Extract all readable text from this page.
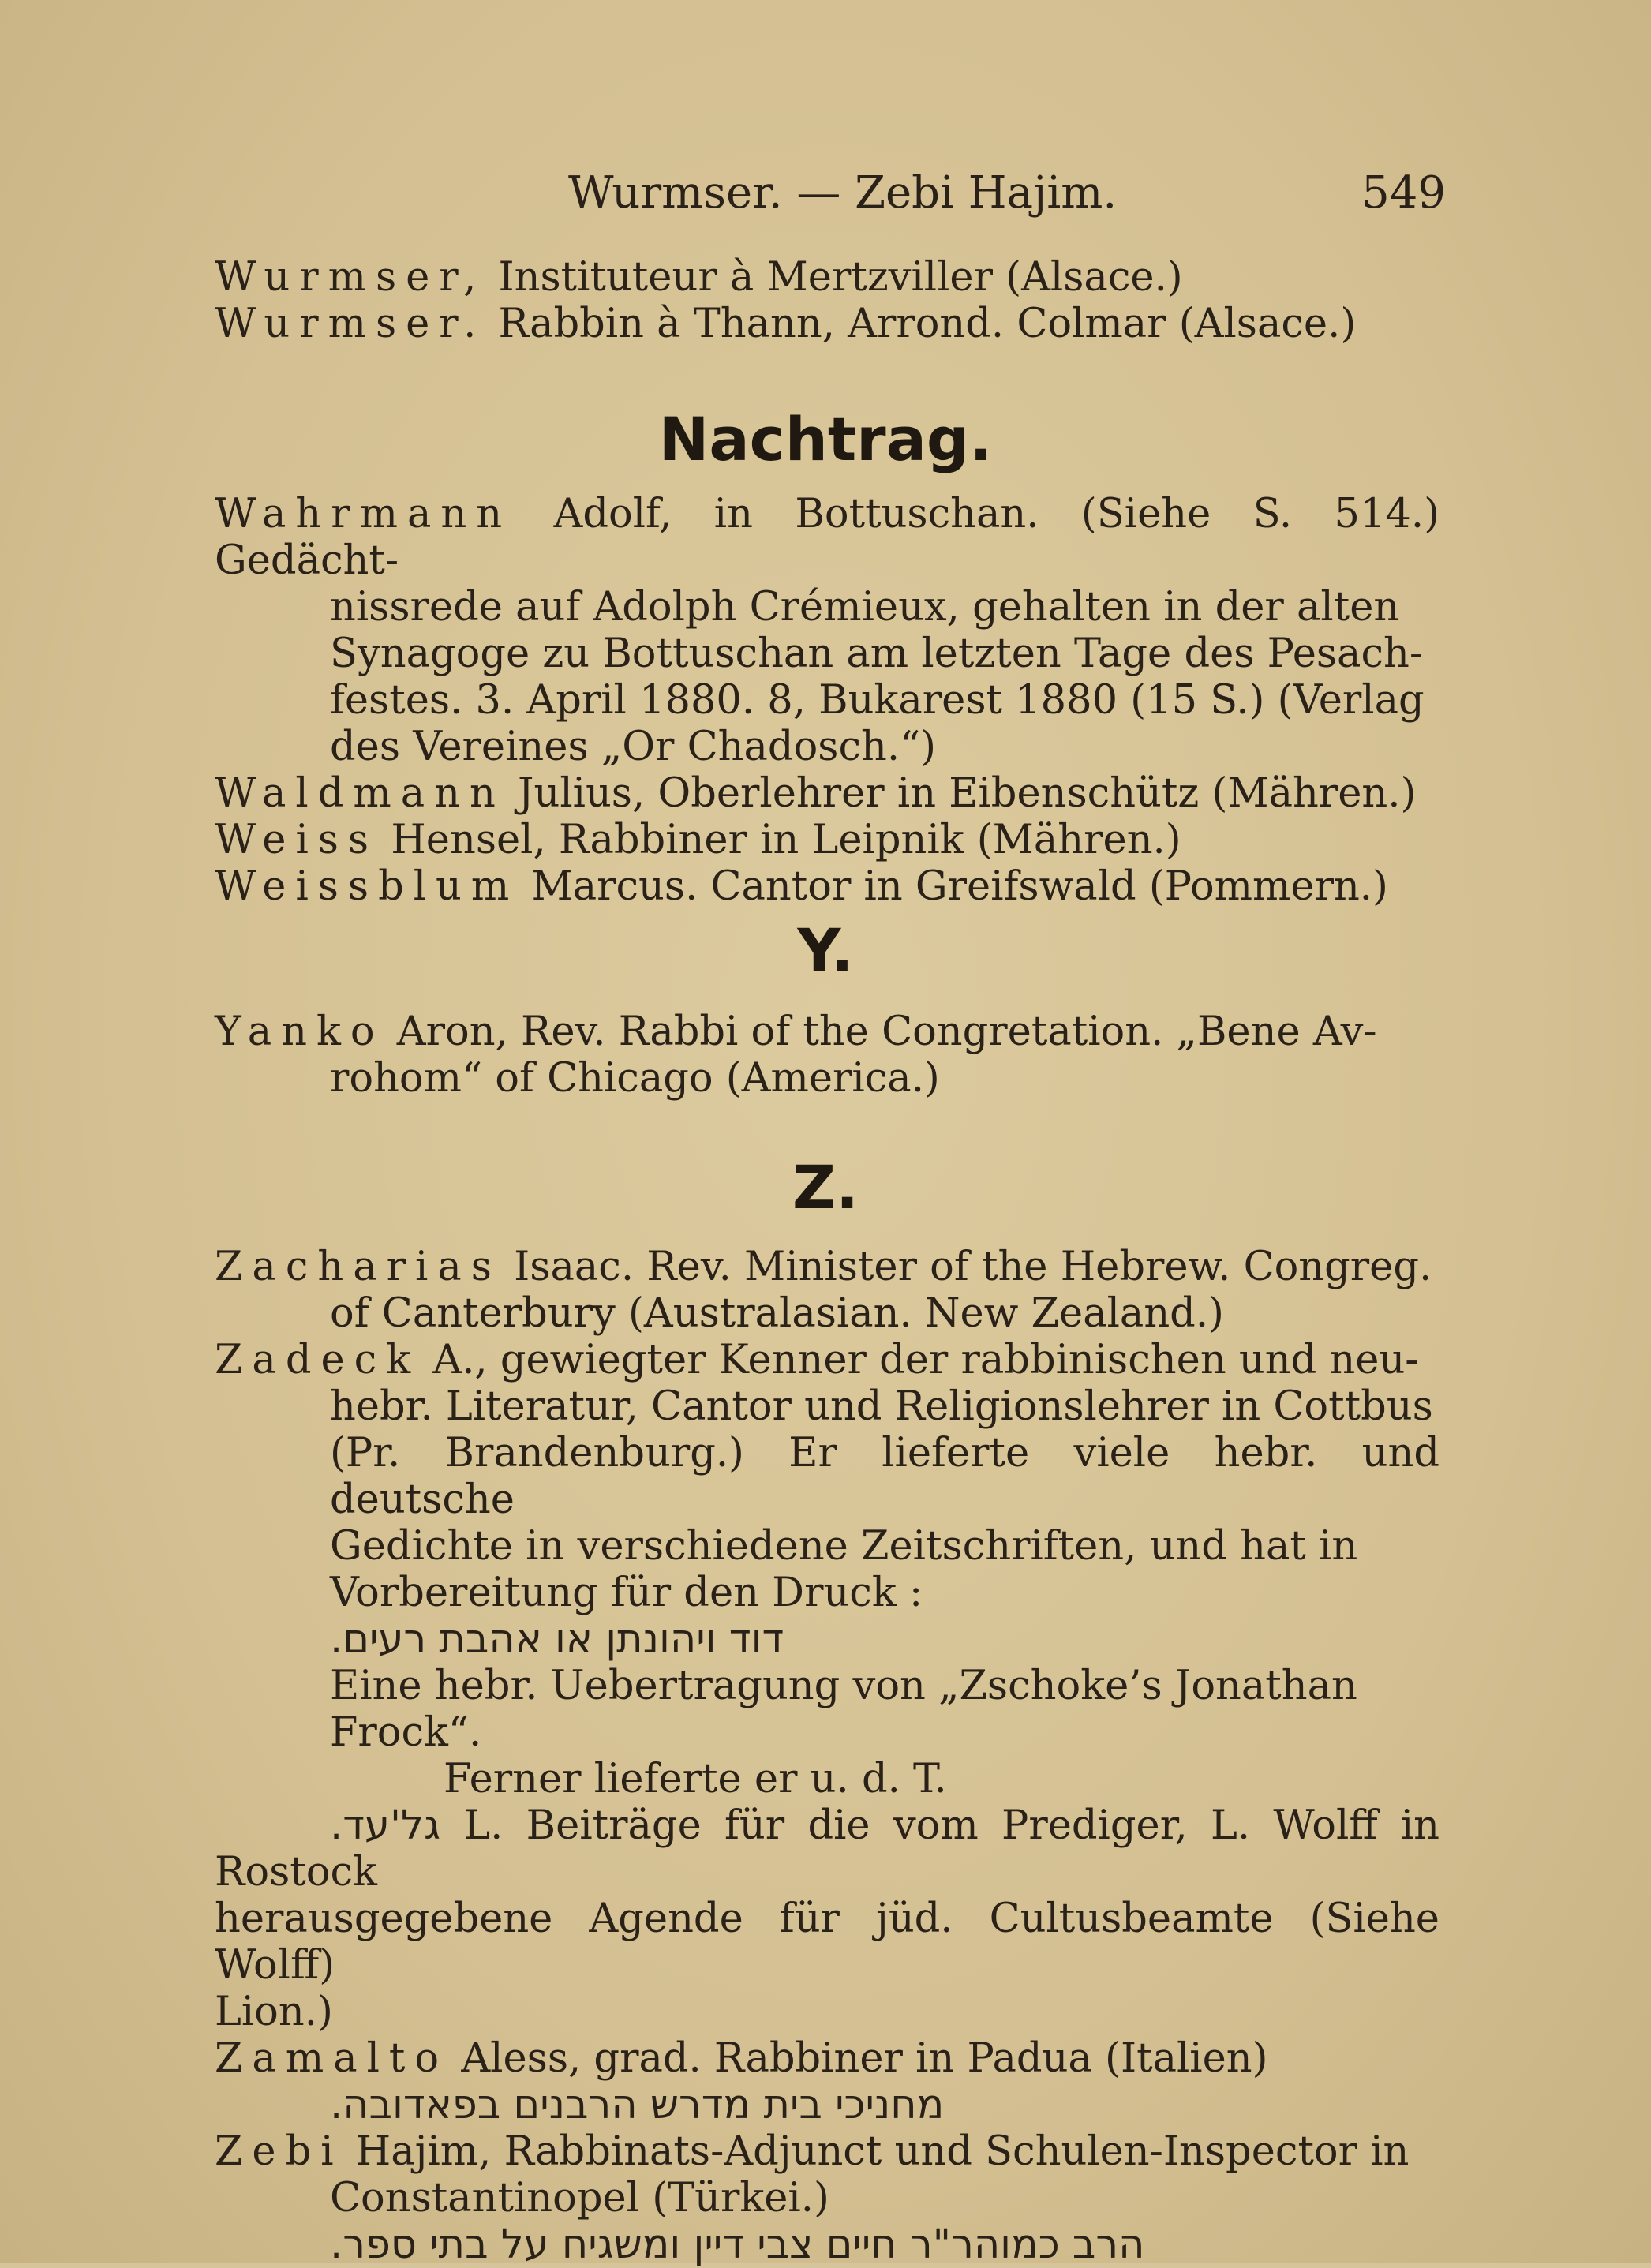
Wurmser. — Zebi Hajim.	549

Wurmser, Instituteur à Mertzviller (Alsace.)

Wurmser. Rabbin à Thann, Arrond. Colmar (Alsace.)

Nachtrag.

Wahrmann Adolf, in Bottuschan. (Siehe S. 514.) Gedächt-
nissrede auf Adolph Crémieux, gehalten in der alten
Synagoge zu Bottuschan am letzten Tage des Pesach-
festes. 3. April 1880. 8, Bukarest 1880 (15 S.) (Verlag
des Vereines „Or Chadosch.“)

Waldmann Julius, Oberlehrer in Eibenschütz (Mähren.)

Weiss Hensel, Rabbiner in Leipnik (Mähren.)

Weissblum Marcus. Cantor in Greifswald (Pommern.)

Y.

Yanko Aron, Rev. Rabbi of the Congretation. „Bene Av-
rohom“ of Chicago (America.)

Z.

Zacharias Isaac. Rev. Minister of the Hebrew. Congreg.
of Canterbury (Australasian. New Zealand.)

Zadeck A., gewiegter Kenner der rabbinischen und neu-
hebr. Literatur, Cantor und Religionslehrer in Cottbus
(Pr. Brandenburg.) Er lieferte viele hebr. und deutsche
Gedichte in verschiedene Zeitschriften, und hat in
Vorbereitung für den Druck :
דוד ויהונתן או אהבת רעים.
Eine hebr. Uebertragung von „Zschoke’s Jonathan Frock“.
Ferner lieferte er u. d. T.
גל'עד. L. Beiträge für die vom Prediger, L. Wolff in Rostock
herausgegebene Agende für jüd. Cultusbeamte (Siehe Wolff)
Lion.)

Zamalto Aless, grad. Rabbiner in Padua (Italien)
מחניכי בית מדרש הרבנים בפאדובה.

Zebi Hajim, Rabbinats-Adjunct und Schulen-Inspector in
Constantinopel (Türkei.)
הרב כמוהר"ר חיים צבי דיין ומשגיח על בתי ספר.
